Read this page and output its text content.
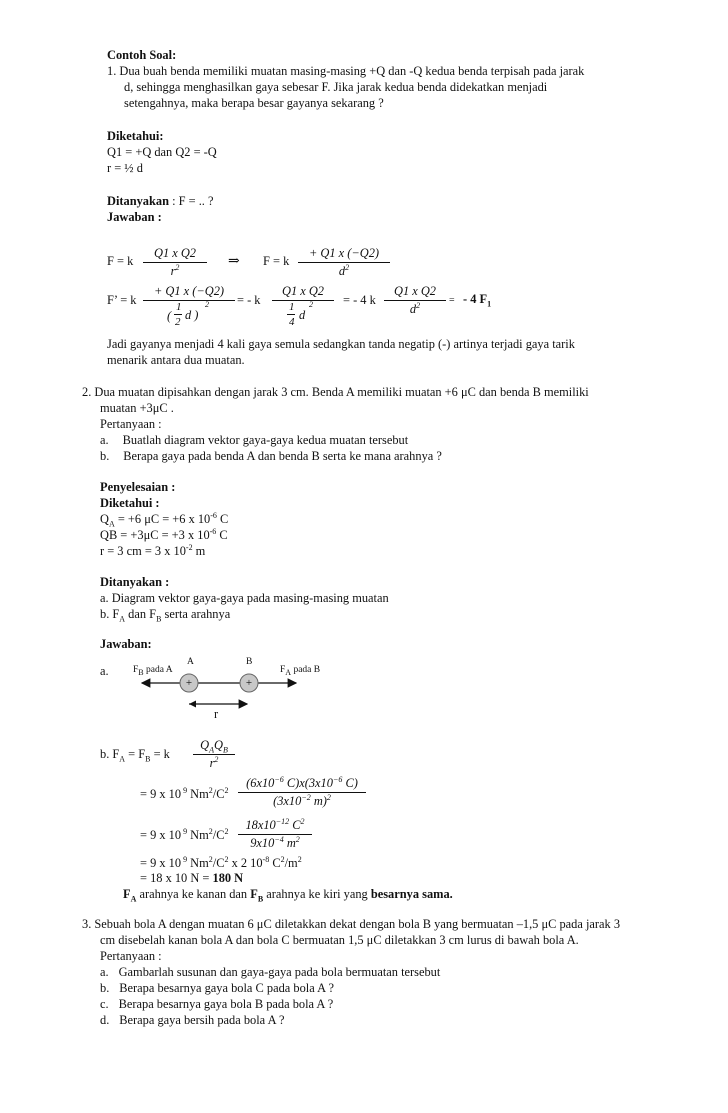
Contoh Soal:
1. Dua buah benda memiliki muatan masing-masing +Q dan -Q kedua benda terpisah pada jarak
d, sehingga menghasilkan gaya sebesar F. Jika jarak kedua benda didekatkan menjadi
setengahnya, maka berapa besar gayanya sekarang ?
Diketahui:
Q1 = +Q dan Q2 = -Q
r = ½ d
Ditanyakan : F = .. ?
Jawaban :
F = k $\frac{\text{Q1 x Q2}}{r^2}$ ⇒ F = k $\frac{+ Q1 x (-Q2)}{d^2}$
F’ = k + Q1 x (−Q2)
1
( 2 d )
2 = - k Q1 x Q2
1
4 d
2 = - 4 k $\frac{\text{Q1 x Q2}}{d^2}$ = - 4 $F_1$
Jadi gayanya menjadi 4 kali gaya semula sedangkan tanda negatip (-) artinya terjadi gaya tarik
menarik antara dua muatan.
2. Dua muatan dipisahkan dengan jarak 3 cm. Benda A memiliki muatan +6 μC dan benda B memiliki
muatan +3μC .
Pertanyaan :
a. Buatlah diagram vektor gaya-gaya kedua muatan tersebut
b. Berapa gaya pada benda A dan benda B serta ke mana arahnya ?
Penyelesaian :
Diketahui :
$Q_A = +6$ μC = +6 x $10^{-6}$ C
QB = +3μC = +3 x $10^{-6}$ C
r = 3 cm = 3 x $10^{-2}$ m
Ditanyakan :
a. Diagram vektor gaya-gaya pada masing-masing muatan
b. $F_A$ dan $F_B$ serta arahnya
Jawaban:
a.	$F_B$ pada A	$F_A$ pada B
A	B
+	+
r
b. $F_A = F_B = k$
$Q_AQ_B$
$r^2$
= 9 x 10 $^9$ $Nm^2/C^2 \frac{(6x10^{-6} C)x(3x10^{-6} C)}{(3x10^{-2} m)^2}$
= 9 x 10 $^9$ $Nm^2/C^2 \frac{18x10^{-12} C^2}{9x10^{-4} m^2}$
= 9 x 10 $^9$ $Nm^2/C^2$ x 2 $10^{-8}$ $C^2/m^2$
= 18 x 10 N = 180 N
$F_A$ arahnya ke kanan dan $F_B$ arahnya ke kiri yang besarnya sama.
3. Sebuah bola A dengan muatan 6 μC diletakkan dekat dengan bola B yang bermuatan –1,5 μC pada jarak 3
cm disebelah kanan bola A dan bola C bermuatan 1,5 μC diletakkan 3 cm lurus di bawah bola A.
Pertanyaan :
a. Gambarlah susunan dan gaya-gaya pada bola bermuatan tersebut
b. Berapa besarnya gaya bola C pada bola A ?
c. Berapa besarnya gaya bola B pada bola A ?
d. Berapa gaya bersih pada bola A ?
